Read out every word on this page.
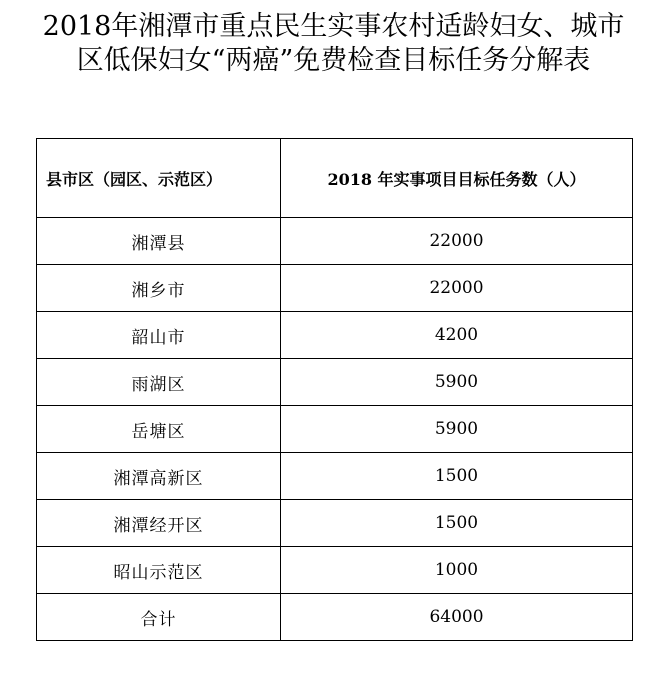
2018年湘潭市重点民生实事农村适龄妇女、城市
区低保妇女“两癌”免费检查目标任务分解表
县市区（园区、示范区）	2018 年实事项目目标任务数（人）
湘潭县	22000
湘乡市	22000
韶山市	4200
雨湖区	5900
岳塘区	5900
湘潭高新区	1500
湘潭经开区	1500
昭山示范区	1000
合计	64000
